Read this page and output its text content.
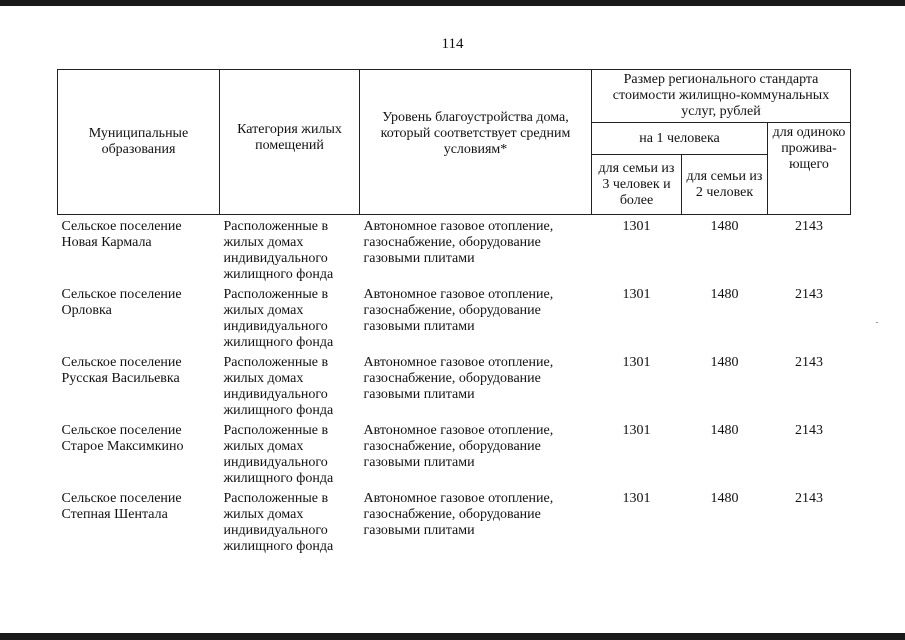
114
Муниципальные образования	Категория жилых помещений	Уровень благоустройства дома, который соответствует средним условиям*	Размер регионального стандарта стоимости жилищно-коммунальных услуг, рублей		
			на 1 человека		для одиноко прожива-ющего
			для семьи из 3 человек и более	для семьи из 2 человек	
Сельское поселение Новая Кармала	Расположенные в жилых домах индивидуального жилищного фонда	Автономное газовое отопление, газоснабжение, оборудование газовыми плитами	1301	1480	2143
Сельское поселение Орловка	Расположенные в жилых домах индивидуального жилищного фонда	Автономное газовое отопление, газоснабжение, оборудование газовыми плитами	1301	1480	2143
Сельское поселение Русская Васильевка	Расположенные в жилых домах индивидуального жилищного фонда	Автономное газовое отопление, газоснабжение, оборудование газовыми плитами	1301	1480	2143
Сельское поселение Старое Максимкино	Расположенные в жилых домах индивидуального жилищного фонда	Автономное газовое отопление, газоснабжение, оборудование газовыми плитами	1301	1480	2143
Сельское поселение Степная Шентала	Расположенные в жилых домах индивидуального жилищного фонда	Автономное газовое отопление, газоснабжение, оборудование газовыми плитами	1301	1480	2143
